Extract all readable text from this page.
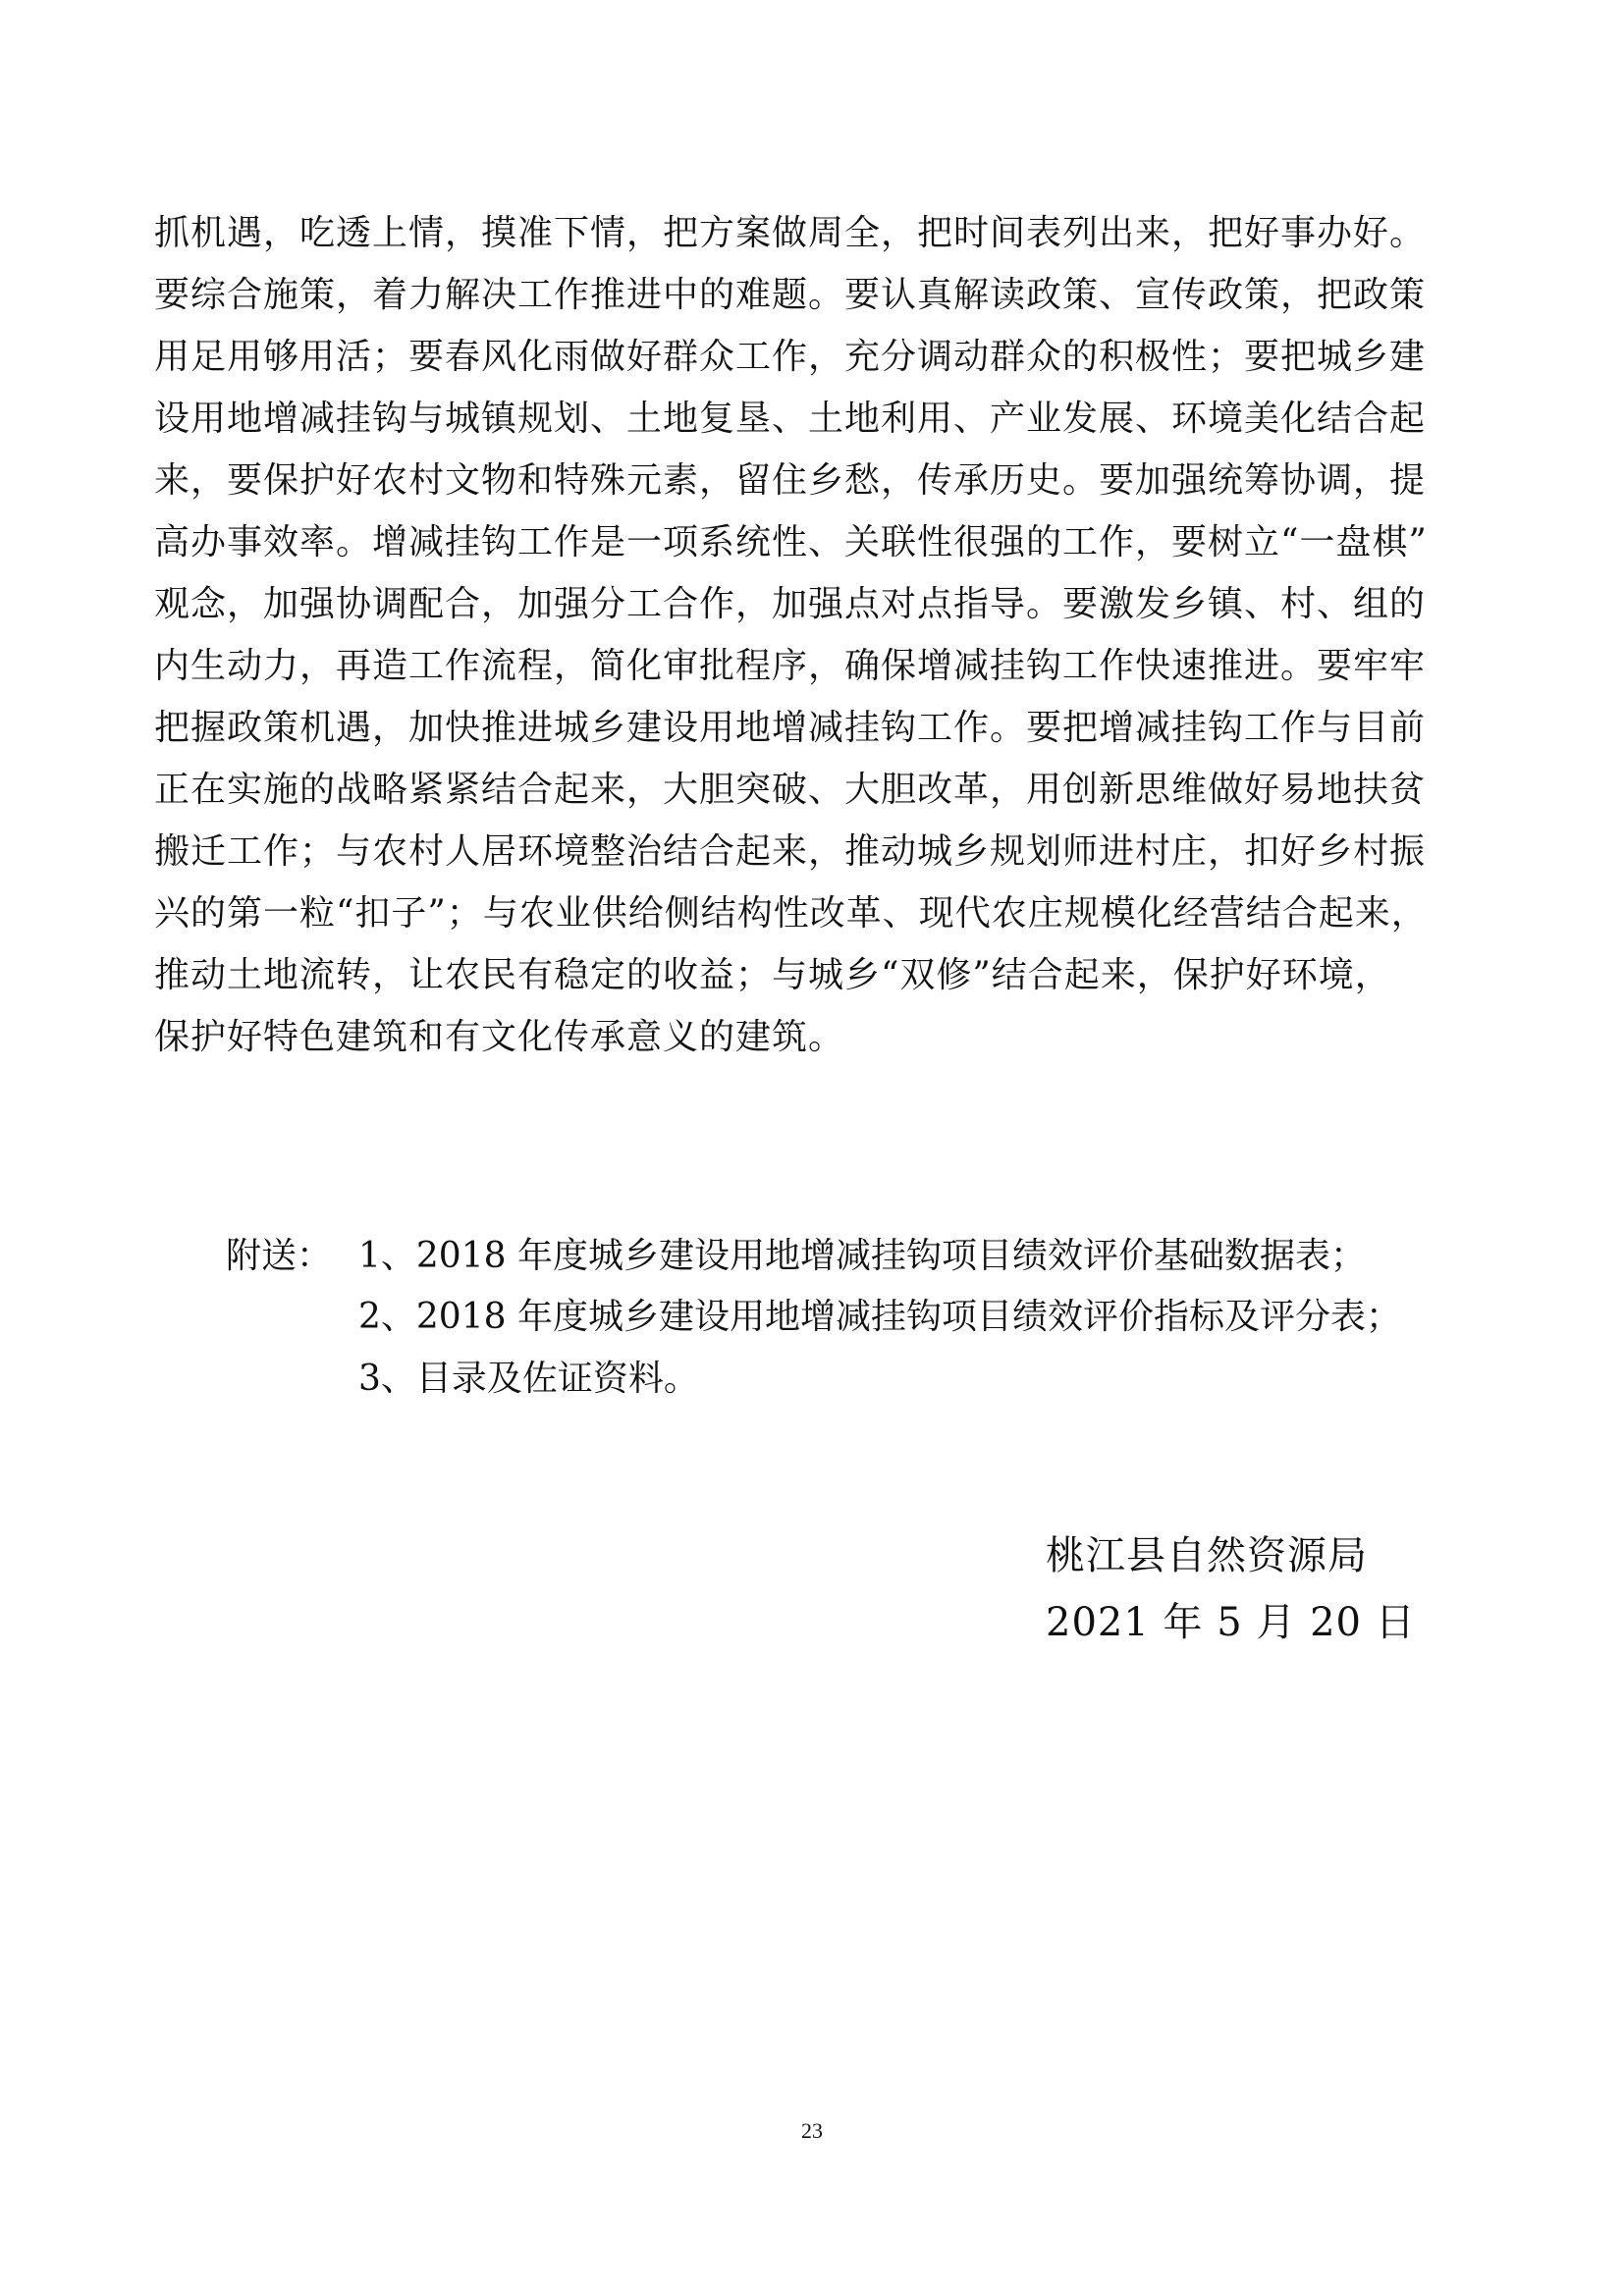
抓机遇，吃透上情，摸准下情，把方案做周全，把时间表列出来，把好事办好。
要综合施策，着力解决工作推进中的难题。要认真解读政策、宣传政策，把政策
用足用够用活；要春风化雨做好群众工作，充分调动群众的积极性；要把城乡建
设用地增减挂钩与城镇规划、土地复垦、土地利用、产业发展、环境美化结合起
来，要保护好农村文物和特殊元素，留住乡愁，传承历史。要加强统筹协调，提
高办事效率。增减挂钩工作是一项系统性、关联性很强的工作，要树立“一盘棋”
观念，加强协调配合，加强分工合作，加强点对点指导。要激发乡镇、村、组的
内生动力，再造工作流程，简化审批程序，确保增减挂钩工作快速推进。要牢牢
把握政策机遇，加快推进城乡建设用地增减挂钩工作。要把增减挂钩工作与目前
正在实施的战略紧紧结合起来，大胆突破、大胆改革，用创新思维做好易地扶贫
搬迁工作；与农村人居环境整治结合起来，推动城乡规划师进村庄，扣好乡村振
兴的第一粒“扣子”；与农业供给侧结构性改革、现代农庄规模化经营结合起来，
推动土地流转，让农民有稳定的收益；与城乡“双修”结合起来，保护好环境，
保护好特色建筑和有文化传承意义的建筑。
附送： 1、2018 年度城乡建设用地增减挂钩项目绩效评价基础数据表；
2、2018 年度城乡建设用地增减挂钩项目绩效评价指标及评分表；
3、目录及佐证资料。
桃江县自然资源局
2021 年 5 月 20 日
23
